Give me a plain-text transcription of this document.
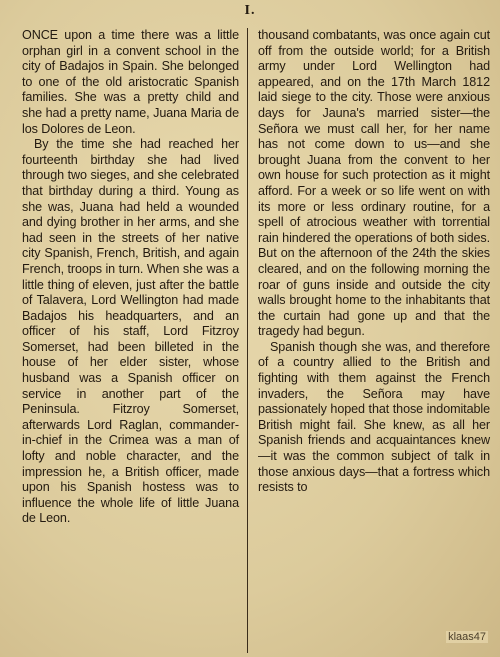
I.

ONCE upon a time there was a little orphan girl in a convent school in the city of Badajos in Spain. She belonged to one of the old aristocratic Spanish families. She was a pretty child and she had a pretty name, Juana Maria de los Dolores de Leon.

By the time she had reached her fourteenth birthday she had lived through two sieges, and she celebrated that birthday during a third. Young as she was, Juana had held a wounded and dying brother in her arms, and she had seen in the streets of her native city Spanish, French, British, and again French, troops in turn. When she was a little thing of eleven, just after the battle of Talavera, Lord Wellington had made Badajos his headquarters, and an officer of his staff, Lord Fitzroy Somerset, had been billeted in the house of her elder sister, whose husband was a Spanish officer on service in another part of the Peninsula. Fitzroy Somerset, afterwards Lord Raglan, commander-in-chief in the Crimea was a man of lofty and noble character, and the impression he, a British officer, made upon his Spanish hostess was to influence the whole life of little Juana de Leon.

thousand combatants, was once again cut off from the outside world; for a British army under Lord Wellington had appeared, and on the 17th March 1812 laid siege to the city. Those were anxious days for Jauna's married sister—the Señora we must call her, for her name has not come down to us—and she brought Juana from the convent to her own house for such protection as it might afford. For a week or so life went on with its more or less ordinary routine, for a spell of atrocious weather with torrential rain hindered the operations of both sides. But on the afternoon of the 24th the skies cleared, and on the following morning the roar of guns inside and outside the city walls brought home to the inhabitants that the curtain had gone up and that the tragedy had begun.

Spanish though she was, and therefore of a country allied to the British and fighting with them against the French invaders, the Señora may have passionately hoped that those indomitable British might fail. She knew, as all her Spanish friends and acquaintances knew—it was the common subject of talk in those anxious days—that a fortress which resists to

klaas47
